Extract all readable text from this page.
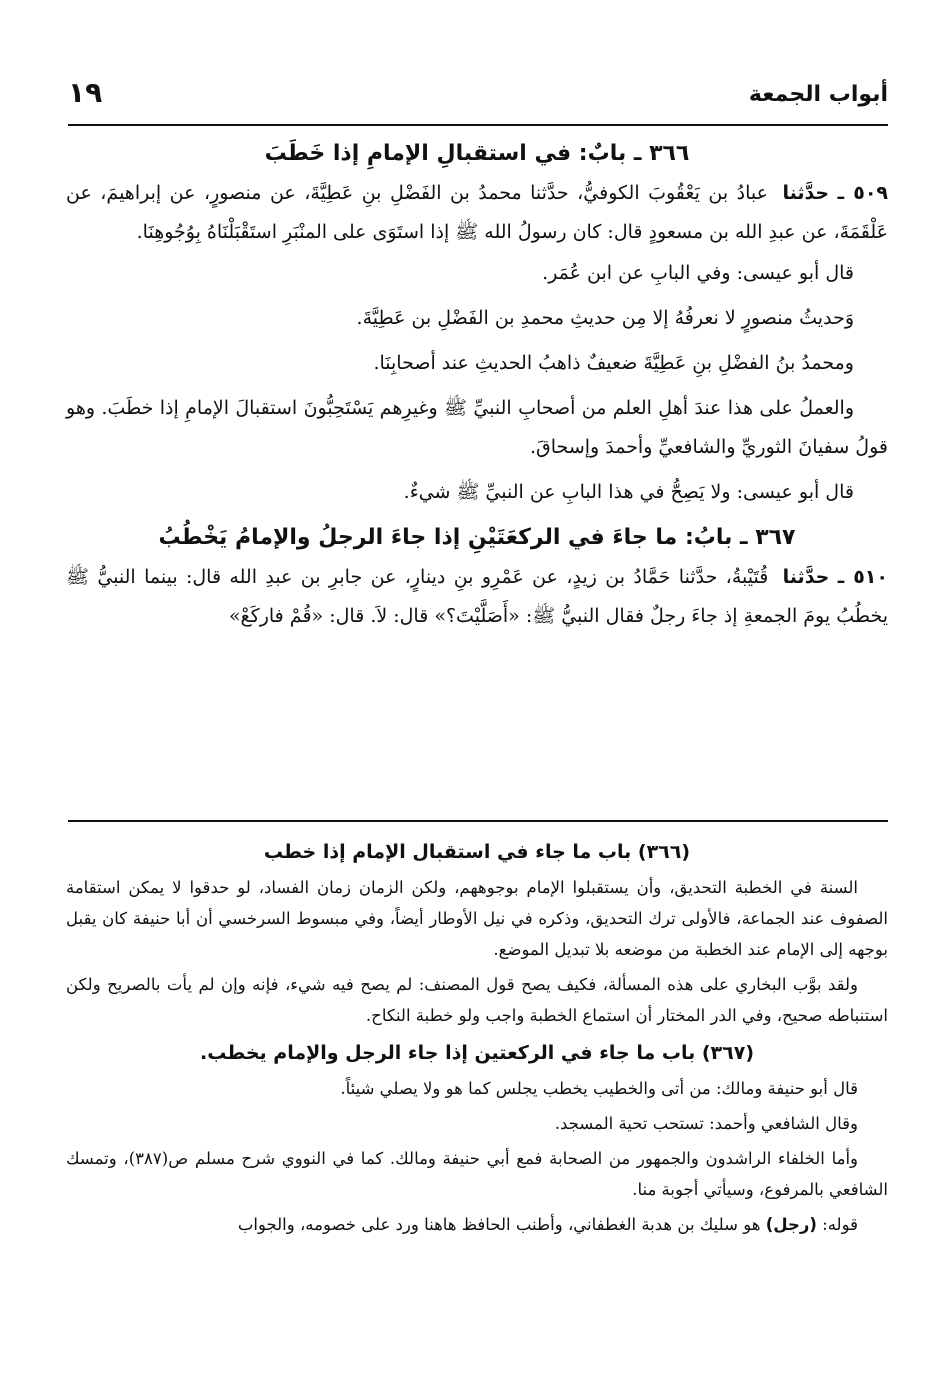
أبواب الجمعة
١٩

٣٦٦ ـ بابٌ: في استقبالِ الإمامِ إذا خَطَبَ

٥٠٩ ـ حدَّثنا عبادُ بن يَعْقُوبَ الكوفيُّ، حدَّثنا محمدُ بن الفَضْلِ بنِ عَطِيَّةَ، عن منصورٍ، عن إبراهيمَ، عن عَلْقَمَةَ، عن عبدِ الله بن مسعودٍ قال: كان رسولُ الله ﷺ إذا استَوَى على المنْبَرِ استَقْبَلْنَاهُ بِوُجُوهِنَا.

قال أبو عيسى: وفي البابِ عن ابن عُمَر.

وَحديثُ منصورٍ لا نعرفُهُ إلا مِن حديثِ محمدِ بن الفَضْلِ بن عَطِيَّةَ.

ومحمدُ بنُ الفضْلِ بنِ عَطِيَّةَ ضعيفٌ ذاهبُ الحديثِ عند أصحابِنَا.

والعملُ على هذا عندَ أهلِ العلم من أصحابِ النبيِّ ﷺ وغيرِهم يَسْتَحِبُّونَ استقبالَ الإمامِ إذا خطَبَ. وهو قولُ سفيانَ الثوريِّ والشافعيِّ وأحمدَ وإسحاقَ.

قال أبو عيسى: ولا يَصِحُّ في هذا البابِ عن النبيِّ ﷺ شيءٌ.

٣٦٧ ـ بابُ: ما جاءَ في الركعَتَيْنِ إذا جاءَ الرجلُ والإمامُ يَخْطُبُ

٥١٠ ـ حدَّثنا قُتَيْبةُ، حدَّثنا حَمَّادُ بن زيدٍ، عن عَمْرِو بنِ دينارٍ، عن جابرِ بن عبدِ الله قال: بينما النبيُّ ﷺ يخطُبُ يومَ الجمعةِ إذ جاءَ رجلٌ فقال النبيُّ ﷺ: «أَصَلَّيْتَ؟» قال: لاَ. قال: «قُمْ فاركَعْ»

(٣٦٦) باب ما جاء في استقبال الإمام إذا خطب

السنة في الخطبة التحديق، وأن يستقبلوا الإمام بوجوههم، ولكن الزمان زمان الفساد، لو حدقوا لا يمكن استقامة الصفوف عند الجماعة، فالأولى ترك التحديق، وذكره في نيل الأوطار أيضاً، وفي مبسوط السرخسي أن أبا حنيفة كان يقبل بوجهه إلى الإمام عند الخطبة من موضعه بلا تبديل الموضع.

ولقد بوَّب البخاري على هذه المسألة، فكيف يصح قول المصنف: لم يصح فيه شيء، فإنه وإن لم يأت بالصريح ولكن استنباطه صحيح، وفي الدر المختار أن استماع الخطبة واجب ولو خطبة النكاح.

(٣٦٧) باب ما جاء في الركعتين إذا جاء الرجل والإمام يخطب.

قال أبو حنيفة ومالك: من أتى والخطيب يخطب يجلس كما هو ولا يصلي شيئاً.

وقال الشافعي وأحمد: تستحب تحية المسجد.

وأما الخلفاء الراشدون والجمهور من الصحابة فمع أبي حنيفة ومالك. كما في النووي شرح مسلم ص(٣٨٧)، وتمسك الشافعي بالمرفوع، وسيأتي أجوبة منا.

قوله: (رجل) هو سليك بن هدبة الغطفاني، وأطنب الحافظ هاهنا ورد على خصومه، والجواب
